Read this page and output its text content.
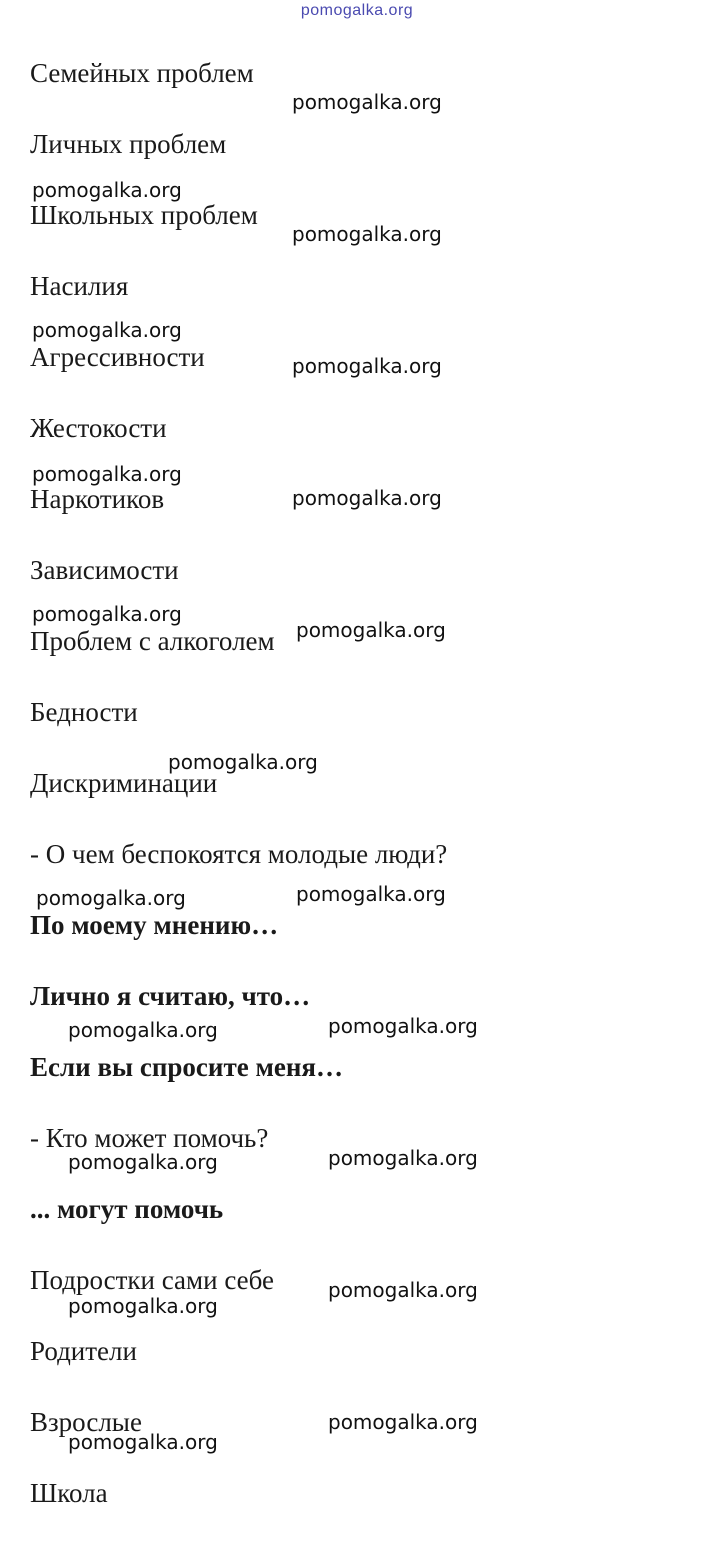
pomogalka.org
Семейных проблем
Личных проблем
Школьных проблем
Насилия
Агрессивности
Жестокости
Наркотиков
Зависимости
Проблем с алкоголем
Бедности
Дискриминации
- О чем беспокоятся молодые люди?
По моему мнению…
Лично я считаю, что…
Если вы спросите меня…
- Кто может помочь?
... могут помочь
Подростки сами себе
Родители
Взрослые
Школа
pomogalka.org
pomogalka.org
pomogalka.org
pomogalka.org
pomogalka.org
pomogalka.org
pomogalka.org
pomogalka.org
pomogalka.org
pomogalka.org
pomogalka.org	pomogalka.org
pomogalka.org	pomogalka.org
pomogalka.org	pomogalka.org
pomogalka.org
pomogalka.org
pomogalka.org
pomogalka.org
